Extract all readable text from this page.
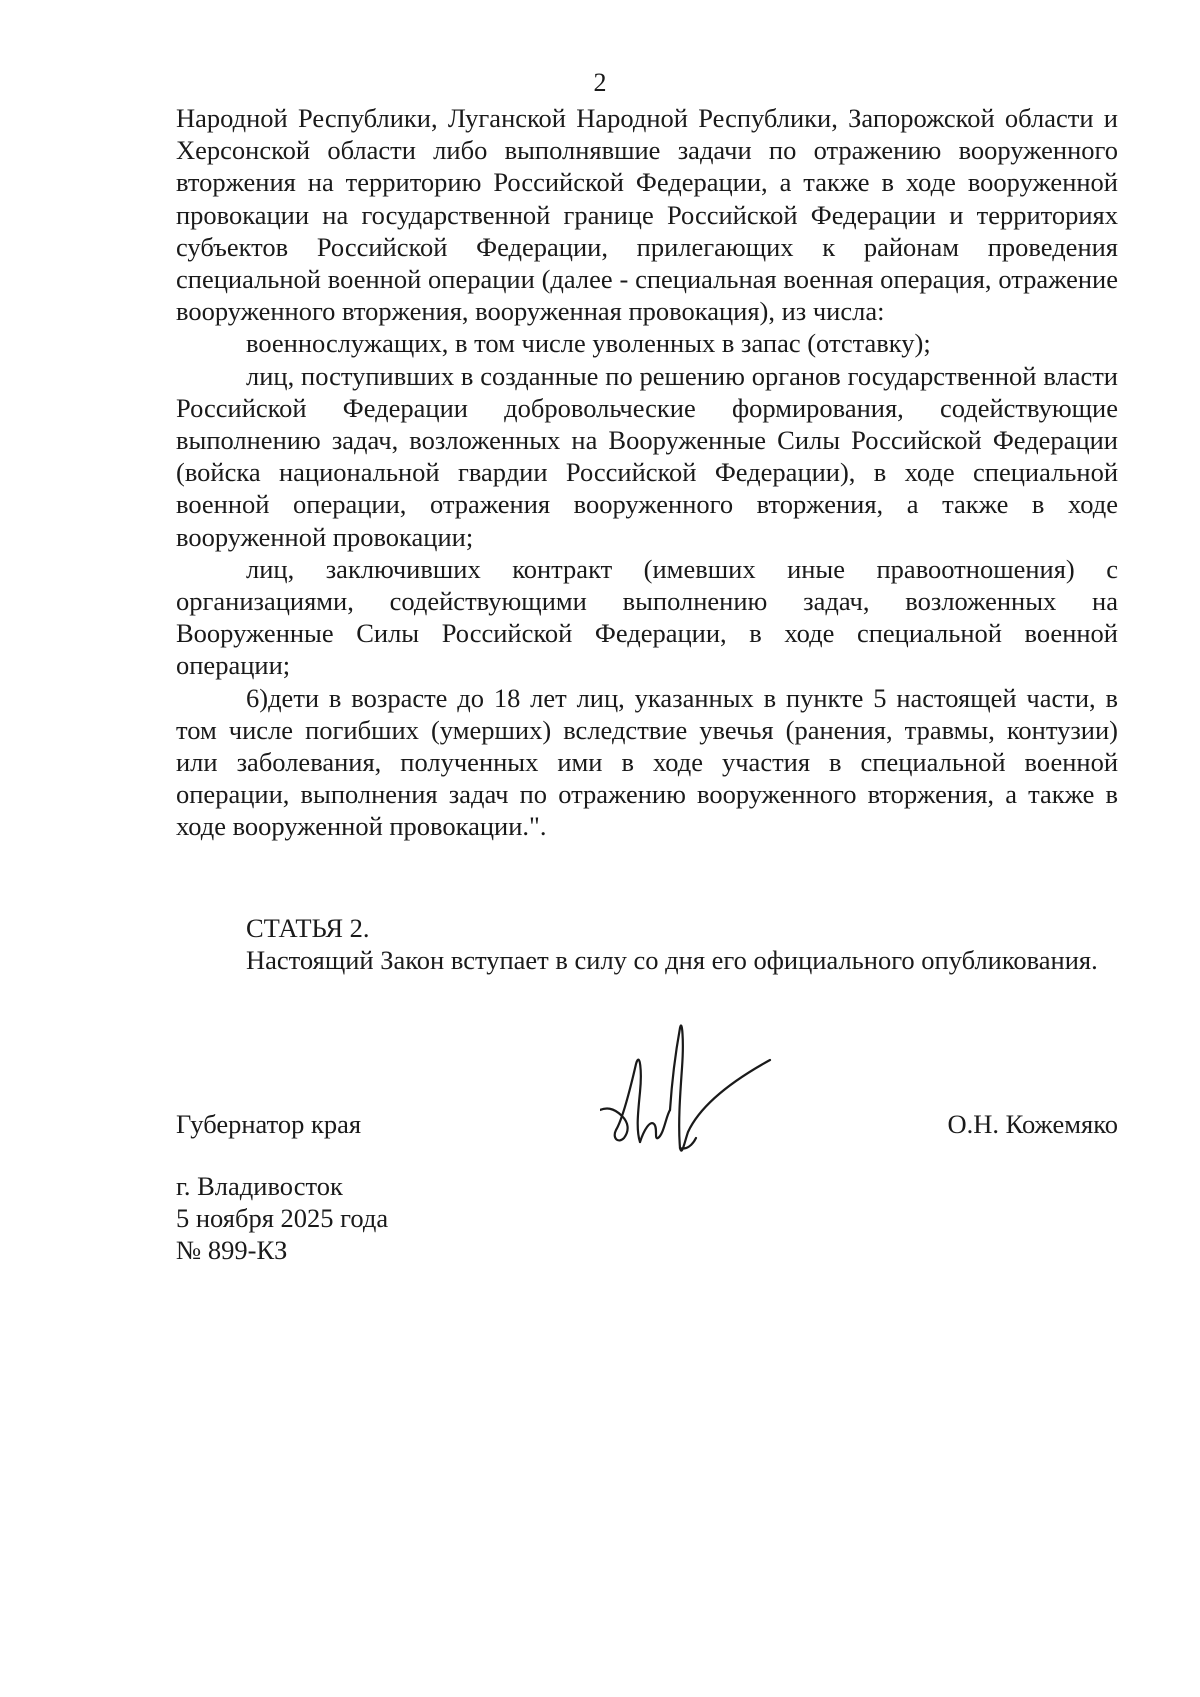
2

Народной Республики, Луганской Народной Республики, Запорожской области и Херсонской области либо выполнявшие задачи по отражению вооруженного вторжения на территорию Российской Федерации, а также в ходе вооруженной провокации на государственной границе Российской Федерации и территориях субъектов Российской Федерации, прилегающих к районам проведения специальной военной операции (далее - специальная военная операция, отражение вооруженного вторжения, вооруженная провокация), из числа:

военнослужащих, в том числе уволенных в запас (отставку);

лиц, поступивших в созданные по решению органов государственной власти Российской Федерации добровольческие формирования, содействующие выполнению задач, возложенных на Вооруженные Силы Российской Федерации (войска национальной гвардии Российской Федерации), в ходе специальной военной операции, отражения вооруженного вторжения, а также в ходе вооруженной провокации;

лиц, заключивших контракт (имевших иные правоотношения) с организациями, содействующими выполнению задач, возложенных на Вооруженные Силы Российской Федерации, в ходе специальной военной операции;

6)дети в возрасте до 18 лет лиц, указанных в пункте 5 настоящей части, в том числе погибших (умерших) вследствие увечья (ранения, травмы, контузии) или заболевания, полученных ими в ходе участия в специальной военной операции, выполнения задач по отражению вооруженного вторжения, а также в ходе вооруженной провокации.".

СТАТЬЯ 2.

Настоящий Закон вступает в силу со дня его официального опубликования.

Губернатор края	О.Н. Кожемяко
г. Владивосток
5 ноября 2025 года
№ 899-КЗ
